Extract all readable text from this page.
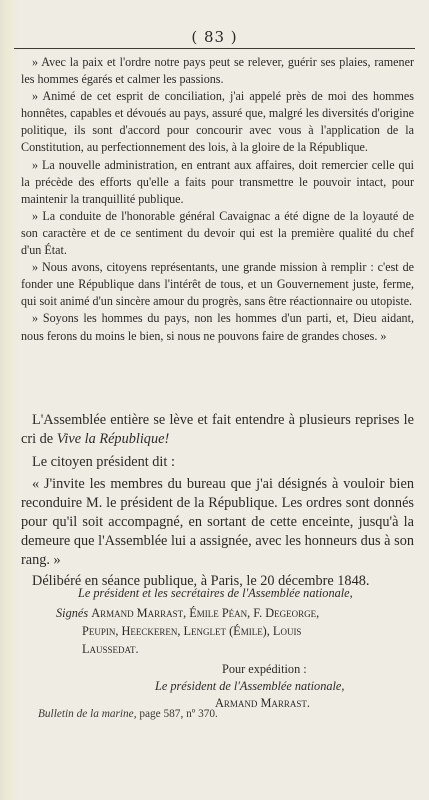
( 83 )

» Avec la paix et l'ordre notre pays peut se relever, guérir ses plaies, ramener les hommes égarés et calmer les passions.

» Animé de cet esprit de conciliation, j'ai appelé près de moi des hommes honnêtes, capables et dévoués au pays, assuré que, malgré les diversités d'origine politique, ils sont d'accord pour concourir avec vous à l'application de la Constitution, au perfectionnement des lois, à la gloire de la République.

» La nouvelle administration, en entrant aux affaires, doit remercier celle qui la précède des efforts qu'elle a faits pour transmettre le pouvoir intact, pour maintenir la tranquillité publique.

» La conduite de l'honorable général Cavaignac a été digne de la loyauté de son caractère et de ce sentiment du devoir qui est la première qualité du chef d'un État.

» Nous avons, citoyens représentants, une grande mission à remplir : c'est de fonder une République dans l'intérêt de tous, et un Gouvernement juste, ferme, qui soit animé d'un sincère amour du progrès, sans être réactionnaire ou utopiste.

» Soyons les hommes du pays, non les hommes d'un parti, et, Dieu aidant, nous ferons du moins le bien, si nous ne pouvons faire de grandes choses. »

L'Assemblée entière se lève et fait entendre à plusieurs reprises le cri de Vive la République!

Le citoyen président dit :

« J'invite les membres du bureau que j'ai désignés à vouloir bien reconduire M. le président de la République. Les ordres sont donnés pour qu'il soit accompagné, en sortant de cette enceinte, jusqu'à la demeure que l'Assemblée lui a assignée, avec les honneurs dus à son rang. »

Délibéré en séance publique, à Paris, le 20 décembre 1848.

Le président et les secrétaires de l'Assemblée nationale,
Signés Armand Marrast, Émile Péan, F. Degeorge,
Peupin, Heeckeren, Lenglet (Émile), Louis
Laussedat.
Pour expédition :
Le président de l'Assemblée nationale,
Armand Marrast.
Bulletin de la marine, page 587, nº 370.
